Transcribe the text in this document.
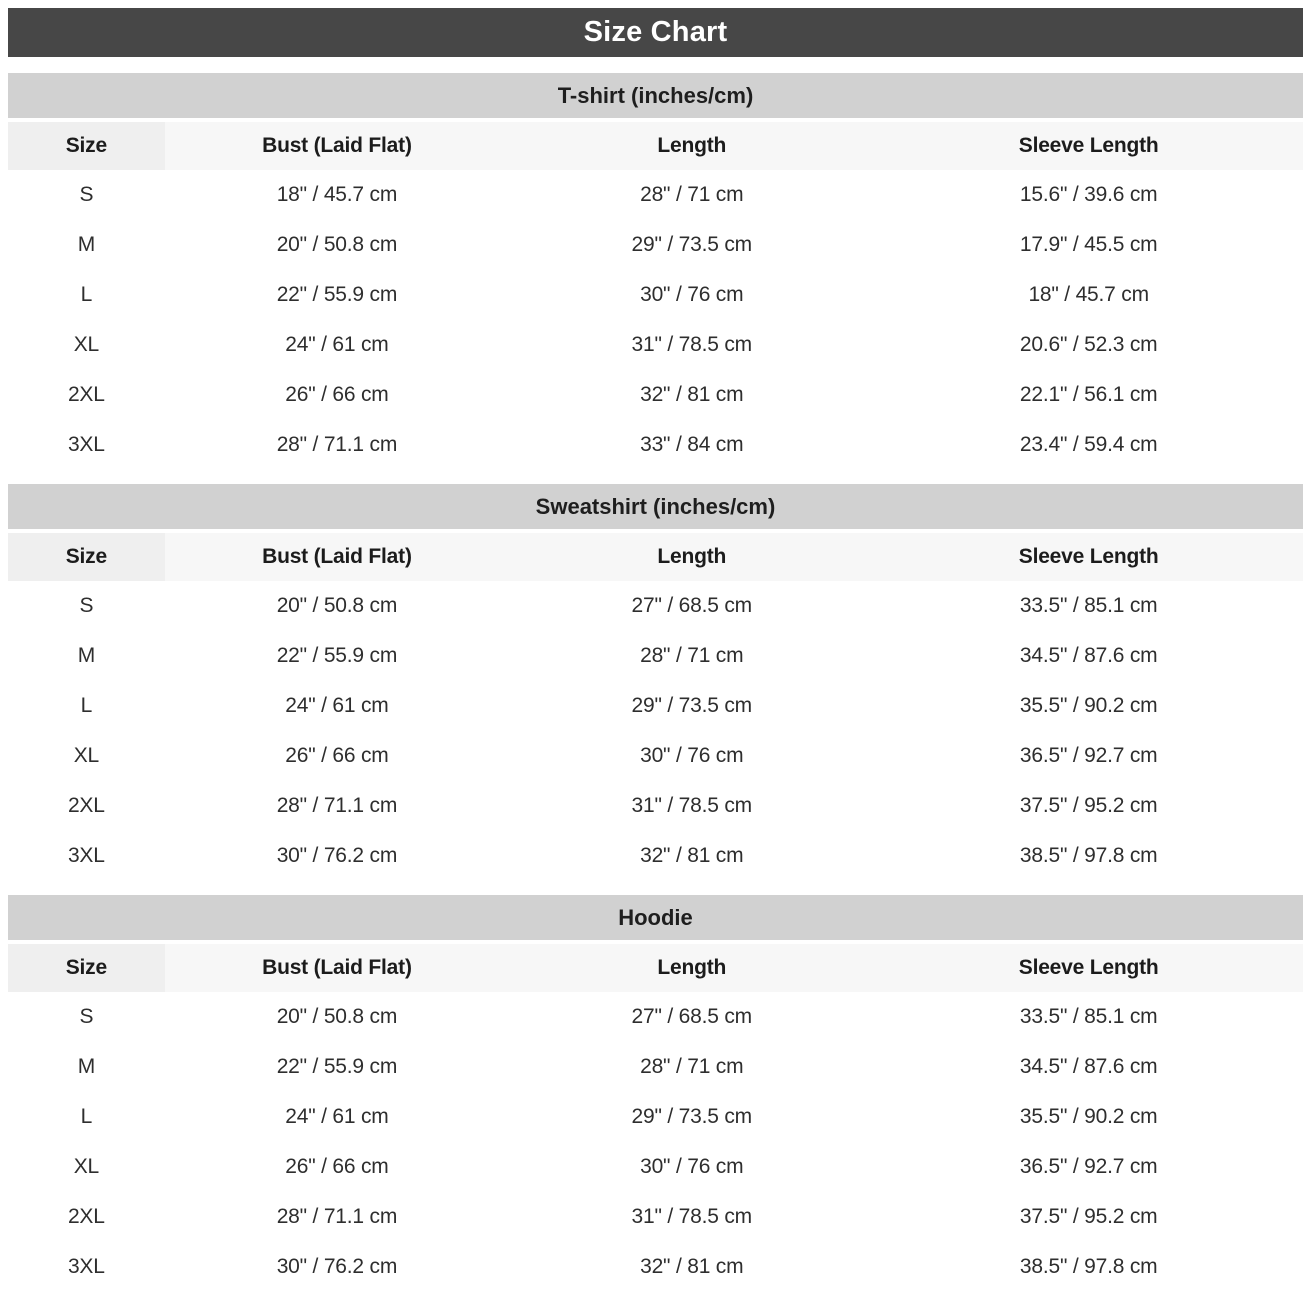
Size Chart
T-shirt (inches/cm)
Size	Bust (Laid Flat)	Length	Sleeve Length
S	18" / 45.7 cm	28" / 71 cm	15.6" / 39.6 cm
M	20" / 50.8 cm	29" / 73.5 cm	17.9" / 45.5 cm
L	22" / 55.9 cm	30" / 76 cm	18" / 45.7 cm
XL	24" / 61 cm	31" / 78.5 cm	20.6" / 52.3 cm
2XL	26" / 66 cm	32" / 81 cm	22.1" / 56.1 cm
3XL	28" / 71.1 cm	33" / 84 cm	23.4" / 59.4 cm
Sweatshirt (inches/cm)
Size	Bust (Laid Flat)	Length	Sleeve Length
S	20" / 50.8 cm	27" / 68.5 cm	33.5" / 85.1 cm
M	22" / 55.9 cm	28" / 71 cm	34.5" / 87.6 cm
L	24" / 61 cm	29" / 73.5 cm	35.5" / 90.2 cm
XL	26" / 66 cm	30" / 76 cm	36.5" / 92.7 cm
2XL	28" / 71.1 cm	31" / 78.5 cm	37.5" / 95.2 cm
3XL	30" / 76.2 cm	32" / 81 cm	38.5" / 97.8 cm
Hoodie
Size	Bust (Laid Flat)	Length	Sleeve Length
S	20" / 50.8 cm	27" / 68.5 cm	33.5" / 85.1 cm
M	22" / 55.9 cm	28" / 71 cm	34.5" / 87.6 cm
L	24" / 61 cm	29" / 73.5 cm	35.5" / 90.2 cm
XL	26" / 66 cm	30" / 76 cm	36.5" / 92.7 cm
2XL	28" / 71.1 cm	31" / 78.5 cm	37.5" / 95.2 cm
3XL	30" / 76.2 cm	32" / 81 cm	38.5" / 97.8 cm
